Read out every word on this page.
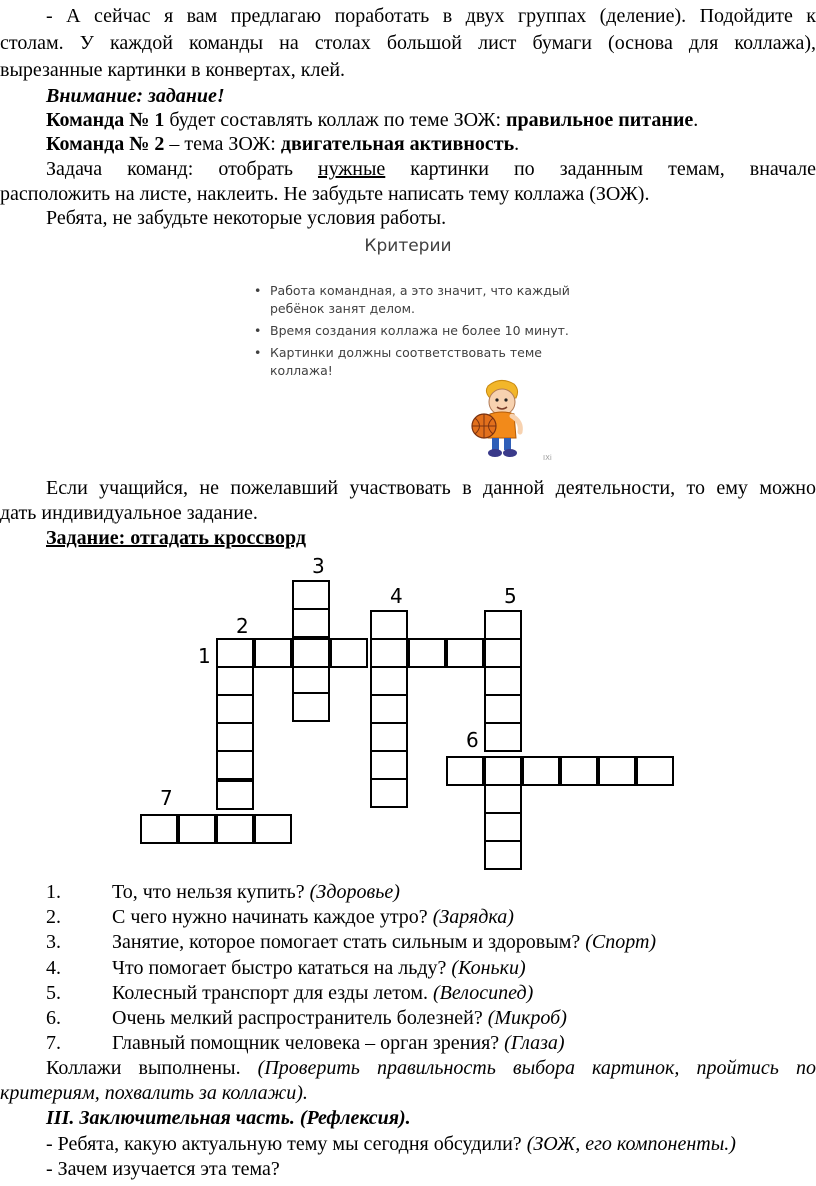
- А сейчас я вам предлагаю поработать в двух группах (деление). Подойдите к

столам. У каждой команды на столах большой лист бумаги (основа для коллажа),

вырезанные картинки в конвертах, клей.

Внимание: задание!

Команда № 1 будет составлять коллаж по теме ЗОЖ: правильное питание.

Команда № 2 – тема ЗОЖ: двигательная активность.

Задача команд: отобрать нужные картинки по заданным темам, вначале

расположить на листе, наклеить. Не забудьте написать тему коллажа (ЗОЖ).

Ребята, не забудьте некоторые условия работы.

Критерии
• Работа командная, а это значит, что каждый ребёнок занят делом.
• Время создания коллажа не более 10 минут.
• Картинки должны соответствовать теме коллажа!
IXi

Если учащийся, не пожелавший участвовать в данной деятельности, то ему можно

дать индивидуальное задание.

Задание: отгадать кроссворд

3
4	5
2
1
6
7
1.	То, что нельзя купить? (Здоровье)
2.	С чего нужно начинать каждое утро? (Зарядка)
3.	Занятие, которое помогает стать сильным и здоровым? (Спорт)
4.	Что помогает быстро кататься на льду? (Коньки)
5.	Колесный транспорт для езды летом. (Велосипед)
6.	Очень мелкий распространитель болезней? (Микроб)
7.	Главный помощник человека – орган зрения? (Глаза)

Коллажи выполнены. (Проверить правильность выбора картинок, пройтись по

критериям, похвалить за коллажи).

III. Заключительная часть. (Рефлексия).

- Ребята, какую актуальную тему мы сегодня обсудили? (ЗОЖ, его компоненты.)

- Зачем изучается эта тема?
